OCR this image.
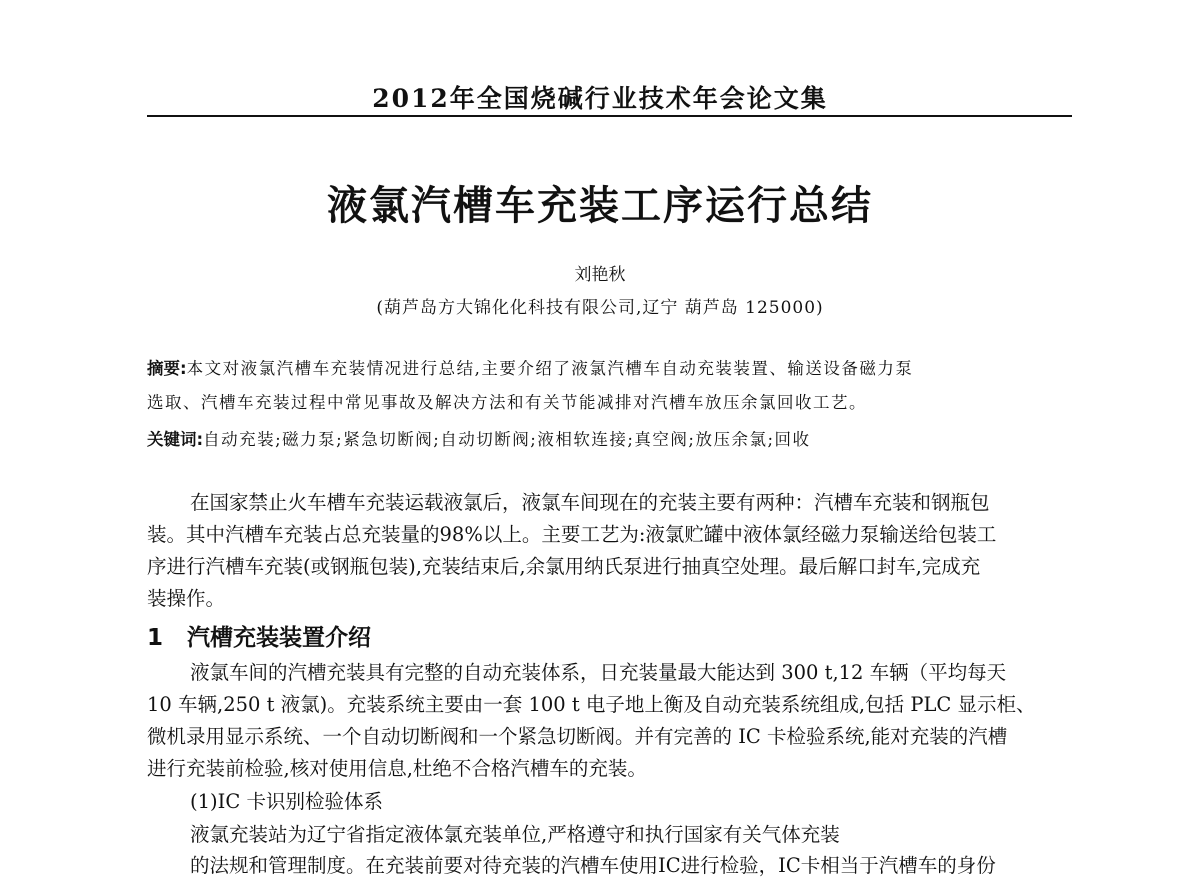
2012年全国烧碱行业技术年会论文集
液氯汽槽车充装工序运行总结
刘艳秋
(葫芦岛方大锦化化科技有限公司,辽宁 葫芦岛 125000)
摘要:本文对液氯汽槽车充装情况进行总结,主要介绍了液氯汽槽车自动充装装置、输送设备磁力泵
选取、汽槽车充装过程中常见事故及解决方法和有关节能减排对汽槽车放压余氯回收工艺。
关键词:自动充装;磁力泵;紧急切断阀;自动切断阀;液相软连接;真空阀;放压余氯;回收
在国家禁止火车槽车充装运载液氯后，液氯车间现在的充装主要有两种：汽槽车充装和钢瓶包
装。其中汽槽车充装占总充装量的98%以上。主要工艺为:液氯贮罐中液体氯经磁力泵输送给包装工
序进行汽槽车充装(或钢瓶包装),充装结束后,余氯用纳氏泵进行抽真空处理。最后解口封车,完成充
装操作。
1 汽槽充装装置介绍
液氯车间的汽槽充装具有完整的自动充装体系，日充装量最大能达到 300 t,12 车辆（平均每天
10 车辆,250 t 液氯)。充装系统主要由一套 100 t 电子地上衡及自动充装系统组成,包括 PLC 显示柜、
微机录用显示系统、一个自动切断阀和一个紧急切断阀。并有完善的 IC 卡检验系统,能对充装的汽槽
进行充装前检验,核对使用信息,杜绝不合格汽槽车的充装。
(1)IC 卡识别检验体系
液氯充装站为辽宁省指定液体氯充装单位,严格遵守和执行国家有关气体充装
的法规和管理制度。在充装前要对待充装的汽槽车使用IC进行检验，IC卡相当于汽槽车的身份
